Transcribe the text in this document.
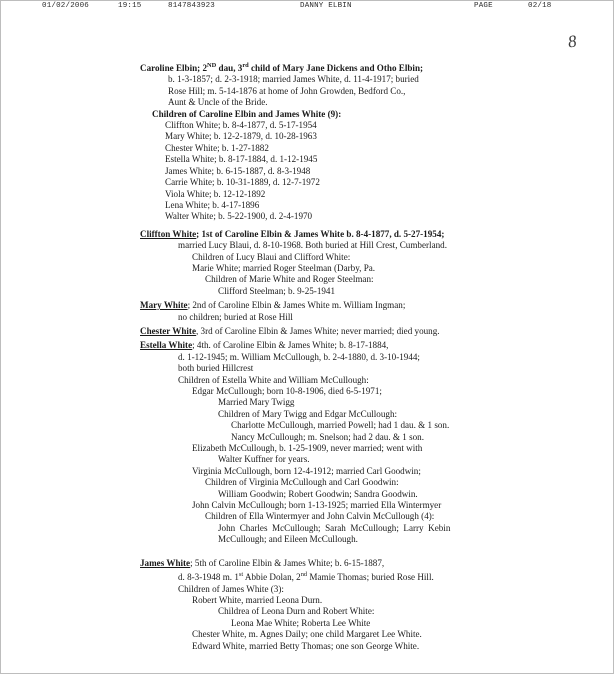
01/02/2006	19:15	8147843923	DANNY ELBIN	PAGE	02/18
8
Caroline Elbin; 2ND dau, 3rd child of Mary Jane Dickens and Otho Elbin;
b. 1-3-1857; d. 2-3-1918; married James White, d. 11-4-1917; buried
Rose Hill; m. 5-14-1876 at home of John Growden, Bedford Co.,
Aunt & Uncle of the Bride.
Children of Caroline Elbin and James White (9):
Cliffton White; b. 8-4-1877, d. 5-17-1954
Mary White; b. 12-2-1879, d. 10-28-1963
Chester White; b. 1-27-1882
Estella White; b. 8-17-1884, d. 1-12-1945
James White; b. 6-15-1887, d. 8-3-1948
Carrie White; b. 10-31-1889, d. 12-7-1972
Viola White; b. 12-12-1892
Lena White; b. 4-17-1896
Walter White; b. 5-22-1900, d. 2-4-1970
Cliffton White; 1st of Caroline Elbin & James White b. 8-4-1877, d. 5-27-1954;
married Lucy Blaui, d. 8-10-1968. Both buried at Hill Crest, Cumberland.
Children of Lucy Blaui and Clifford White:
Marie White; married Roger Steelman (Darby, Pa.
Children of Marie White and Roger Steelman:
Clifford Steelman; b. 9-25-1941
Mary White; 2nd of Caroline Elbin & James White m. William Ingman;
no children; buried at Rose Hill
Chester White, 3rd of Caroline Elbin & James White; never married; died young.
Estella White; 4th. of Caroline Elbin & James White; b. 8-17-1884,
d. 1-12-1945; m. William McCullough, b. 2-4-1880, d. 3-10-1944;
both buried Hillcrest
Children of Estella White and William McCullough:
Edgar McCullough; born 10-8-1906, died 6-5-1971;
Married Mary Twigg
Children of Mary Twigg and Edgar McCullough:
Charlotte McCullough, married Powell; had 1 dau. & 1 son.
Nancy McCullough; m. Snelson; had 2 dau. & 1 son.
Elizabeth McCullough, b. 1-25-1909, never married; went with
Walter Kuffner for years.
Virginia McCullough, born 12-4-1912; married Carl Goodwin;
Children of Virginia McCullough and Carl Goodwin:
William Goodwin; Robert Goodwin; Sandra Goodwin.
John Calvin McCullough; born 1-13-1925; married Ella Wintermyer
Children of Ella Wintermyer and John Calvin McCullough (4):
John  Charles  McCullough;  Sarah  McCullough;  Larry  Kebin
McCullough; and Eileen McCullough.
James White; 5th of Caroline Elbin & James White; b. 6-15-1887,
d. 8-3-1948 m. 1st Abbie Dolan, 2nd Mamie Thomas; buried Rose Hill.
Children of James White (3):
Robert White, married Leona Durn.
Childrea of Leona Durn and Robert White:
Leona Mae White; Roberta Lee White
Chester White, m. Agnes Daily; one child Margaret Lee White.
Edward White, married Betty Thomas; one son George White.
